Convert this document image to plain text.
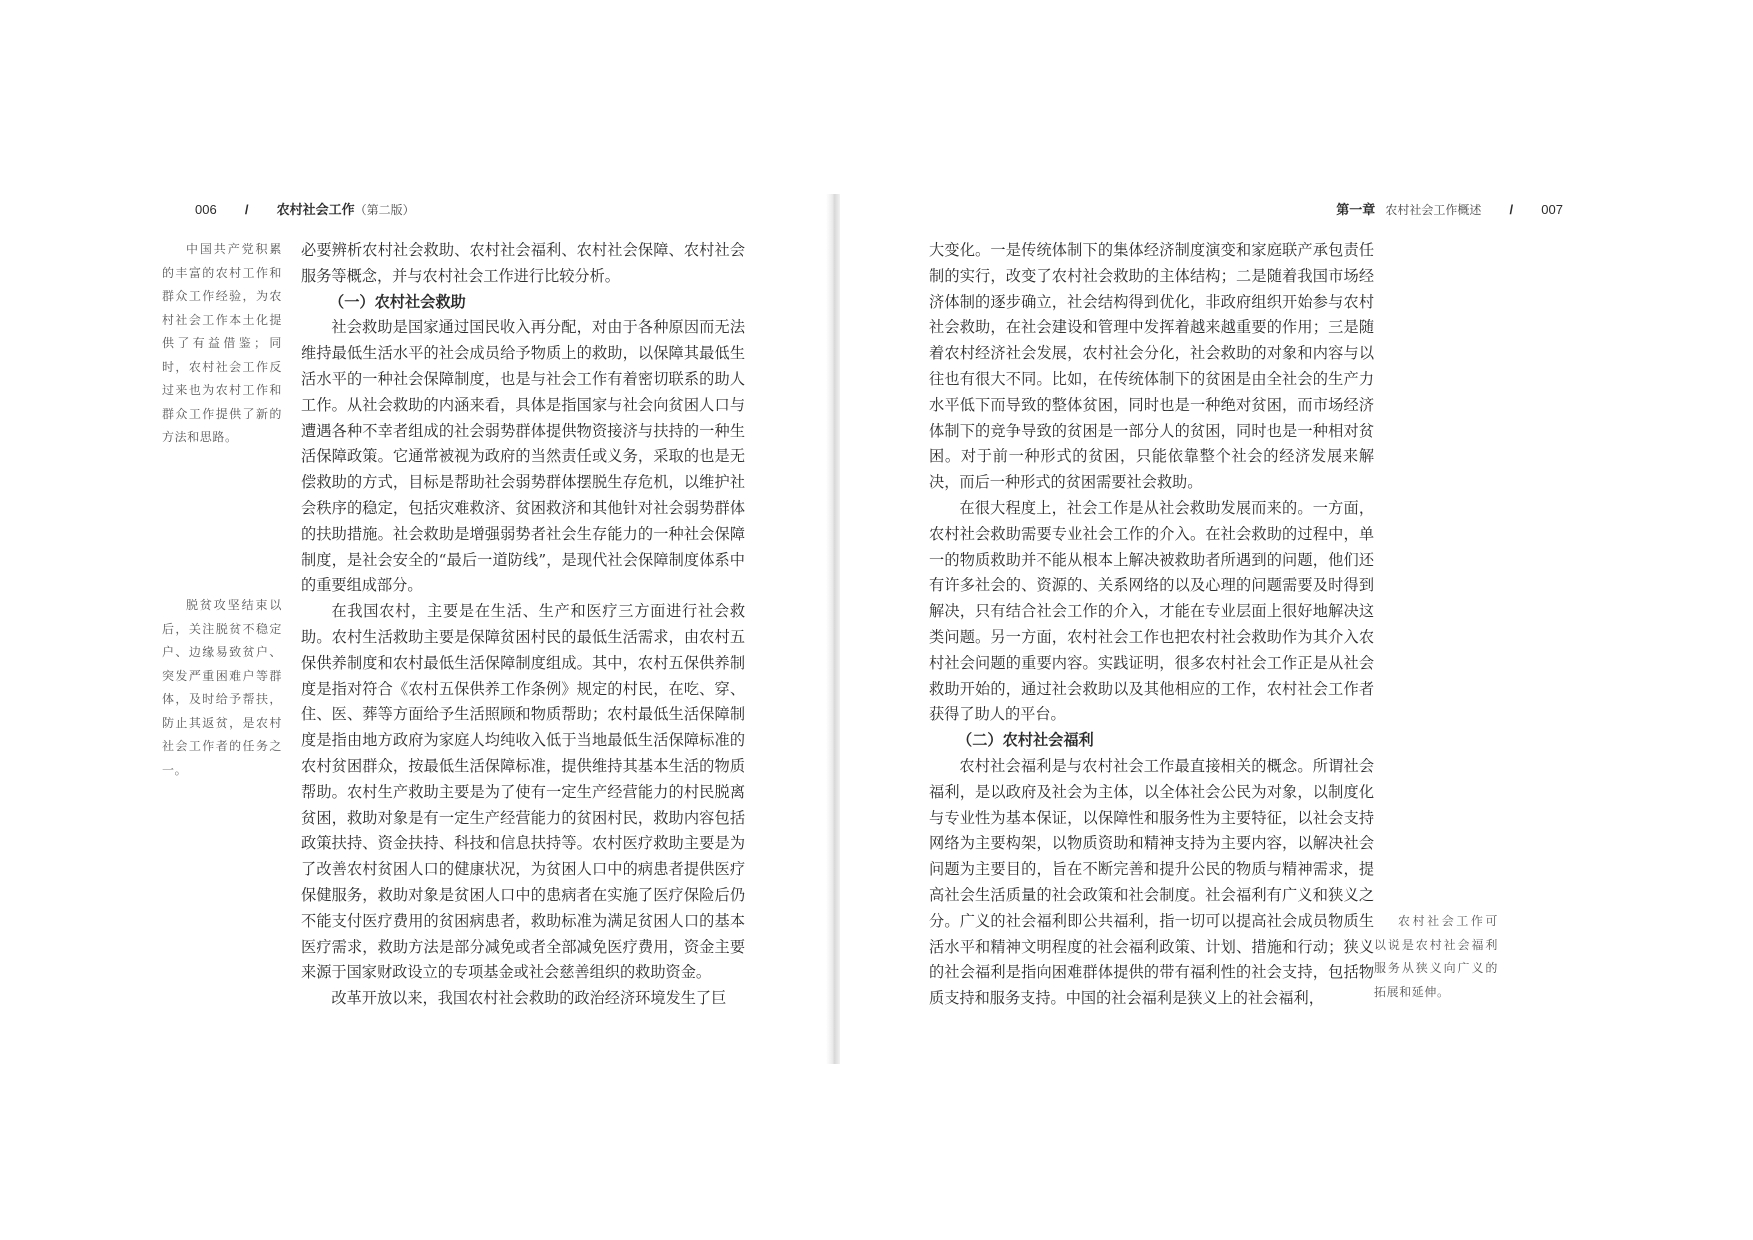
006 / 农村社会工作（第二版）

中国共产党积累的丰富的农村工作和群众工作经验，为农村社会工作本土化提供了有益借鉴；同时，农村社会工作反过来也为农村工作和群众工作提供了新的方法和思路。

脱贫攻坚结束以后，关注脱贫不稳定户、边缘易致贫户、突发严重困难户等群体，及时给予帮扶，防止其返贫，是农村社会工作者的任务之一。

必要辨析农村社会救助、农村社会福利、农村社会保障、农村社会服务等概念，并与农村社会工作进行比较分析。

（一）农村社会救助

社会救助是国家通过国民收入再分配，对由于各种原因而无法维持最低生活水平的社会成员给予物质上的救助，以保障其最低生活水平的一种社会保障制度，也是与社会工作有着密切联系的助人工作。从社会救助的内涵来看，具体是指国家与社会向贫困人口与遭遇各种不幸者组成的社会弱势群体提供物资接济与扶持的一种生活保障政策。它通常被视为政府的当然责任或义务，采取的也是无偿救助的方式，目标是帮助社会弱势群体摆脱生存危机，以维护社会秩序的稳定，包括灾难救济、贫困救济和其他针对社会弱势群体的扶助措施。社会救助是增强弱势者社会生存能力的一种社会保障制度，是社会安全的“最后一道防线”，是现代社会保障制度体系中的重要组成部分。

在我国农村，主要是在生活、生产和医疗三方面进行社会救助。农村生活救助主要是保障贫困村民的最低生活需求，由农村五保供养制度和农村最低生活保障制度组成。其中，农村五保供养制度是指对符合《农村五保供养工作条例》规定的村民，在吃、穿、住、医、葬等方面给予生活照顾和物质帮助；农村最低生活保障制度是指由地方政府为家庭人均纯收入低于当地最低生活保障标准的农村贫困群众，按最低生活保障标准，提供维持其基本生活的物质帮助。农村生产救助主要是为了使有一定生产经营能力的村民脱离贫困，救助对象是有一定生产经营能力的贫困村民，救助内容包括政策扶持、资金扶持、科技和信息扶持等。农村医疗救助主要是为了改善农村贫困人口的健康状况，为贫困人口中的病患者提供医疗保健服务，救助对象是贫困人口中的患病者在实施了医疗保险后仍不能支付医疗费用的贫困病患者，救助标准为满足贫困人口的基本医疗需求，救助方法是部分减免或者全部减免医疗费用，资金主要来源于国家财政设立的专项基金或社会慈善组织的救助资金。

改革开放以来，我国农村社会救助的政治经济环境发生了巨

第一章 农村社会工作概述 / 007

大变化。一是传统体制下的集体经济制度演变和家庭联产承包责任制的实行，改变了农村社会救助的主体结构；二是随着我国市场经济体制的逐步确立，社会结构得到优化，非政府组织开始参与农村社会救助，在社会建设和管理中发挥着越来越重要的作用；三是随着农村经济社会发展，农村社会分化，社会救助的对象和内容与以往也有很大不同。比如，在传统体制下的贫困是由全社会的生产力水平低下而导致的整体贫困，同时也是一种绝对贫困，而市场经济体制下的竞争导致的贫困是一部分人的贫困，同时也是一种相对贫困。对于前一种形式的贫困，只能依靠整个社会的经济发展来解决，而后一种形式的贫困需要社会救助。

在很大程度上，社会工作是从社会救助发展而来的。一方面，农村社会救助需要专业社会工作的介入。在社会救助的过程中，单一的物质救助并不能从根本上解决被救助者所遇到的问题，他们还有许多社会的、资源的、关系网络的以及心理的问题需要及时得到解决，只有结合社会工作的介入，才能在专业层面上很好地解决这类问题。另一方面，农村社会工作也把农村社会救助作为其介入农村社会问题的重要内容。实践证明，很多农村社会工作正是从社会救助开始的，通过社会救助以及其他相应的工作，农村社会工作者获得了助人的平台。

（二）农村社会福利

农村社会福利是与农村社会工作最直接相关的概念。所谓社会福利，是以政府及社会为主体，以全体社会公民为对象，以制度化与专业性为基本保证，以保障性和服务性为主要特征，以社会支持网络为主要构架，以物质资助和精神支持为主要内容，以解决社会问题为主要目的，旨在不断完善和提升公民的物质与精神需求，提高社会生活质量的社会政策和社会制度。社会福利有广义和狭义之分。广义的社会福利即公共福利，指一切可以提高社会成员物质生活水平和精神文明程度的社会福利政策、计划、措施和行动；狭义的社会福利是指向困难群体提供的带有福利性的社会支持，包括物质支持和服务支持。中国的社会福利是狭义上的社会福利，

农村社会工作可以说是农村社会福利服务从狭义向广义的拓展和延伸。
